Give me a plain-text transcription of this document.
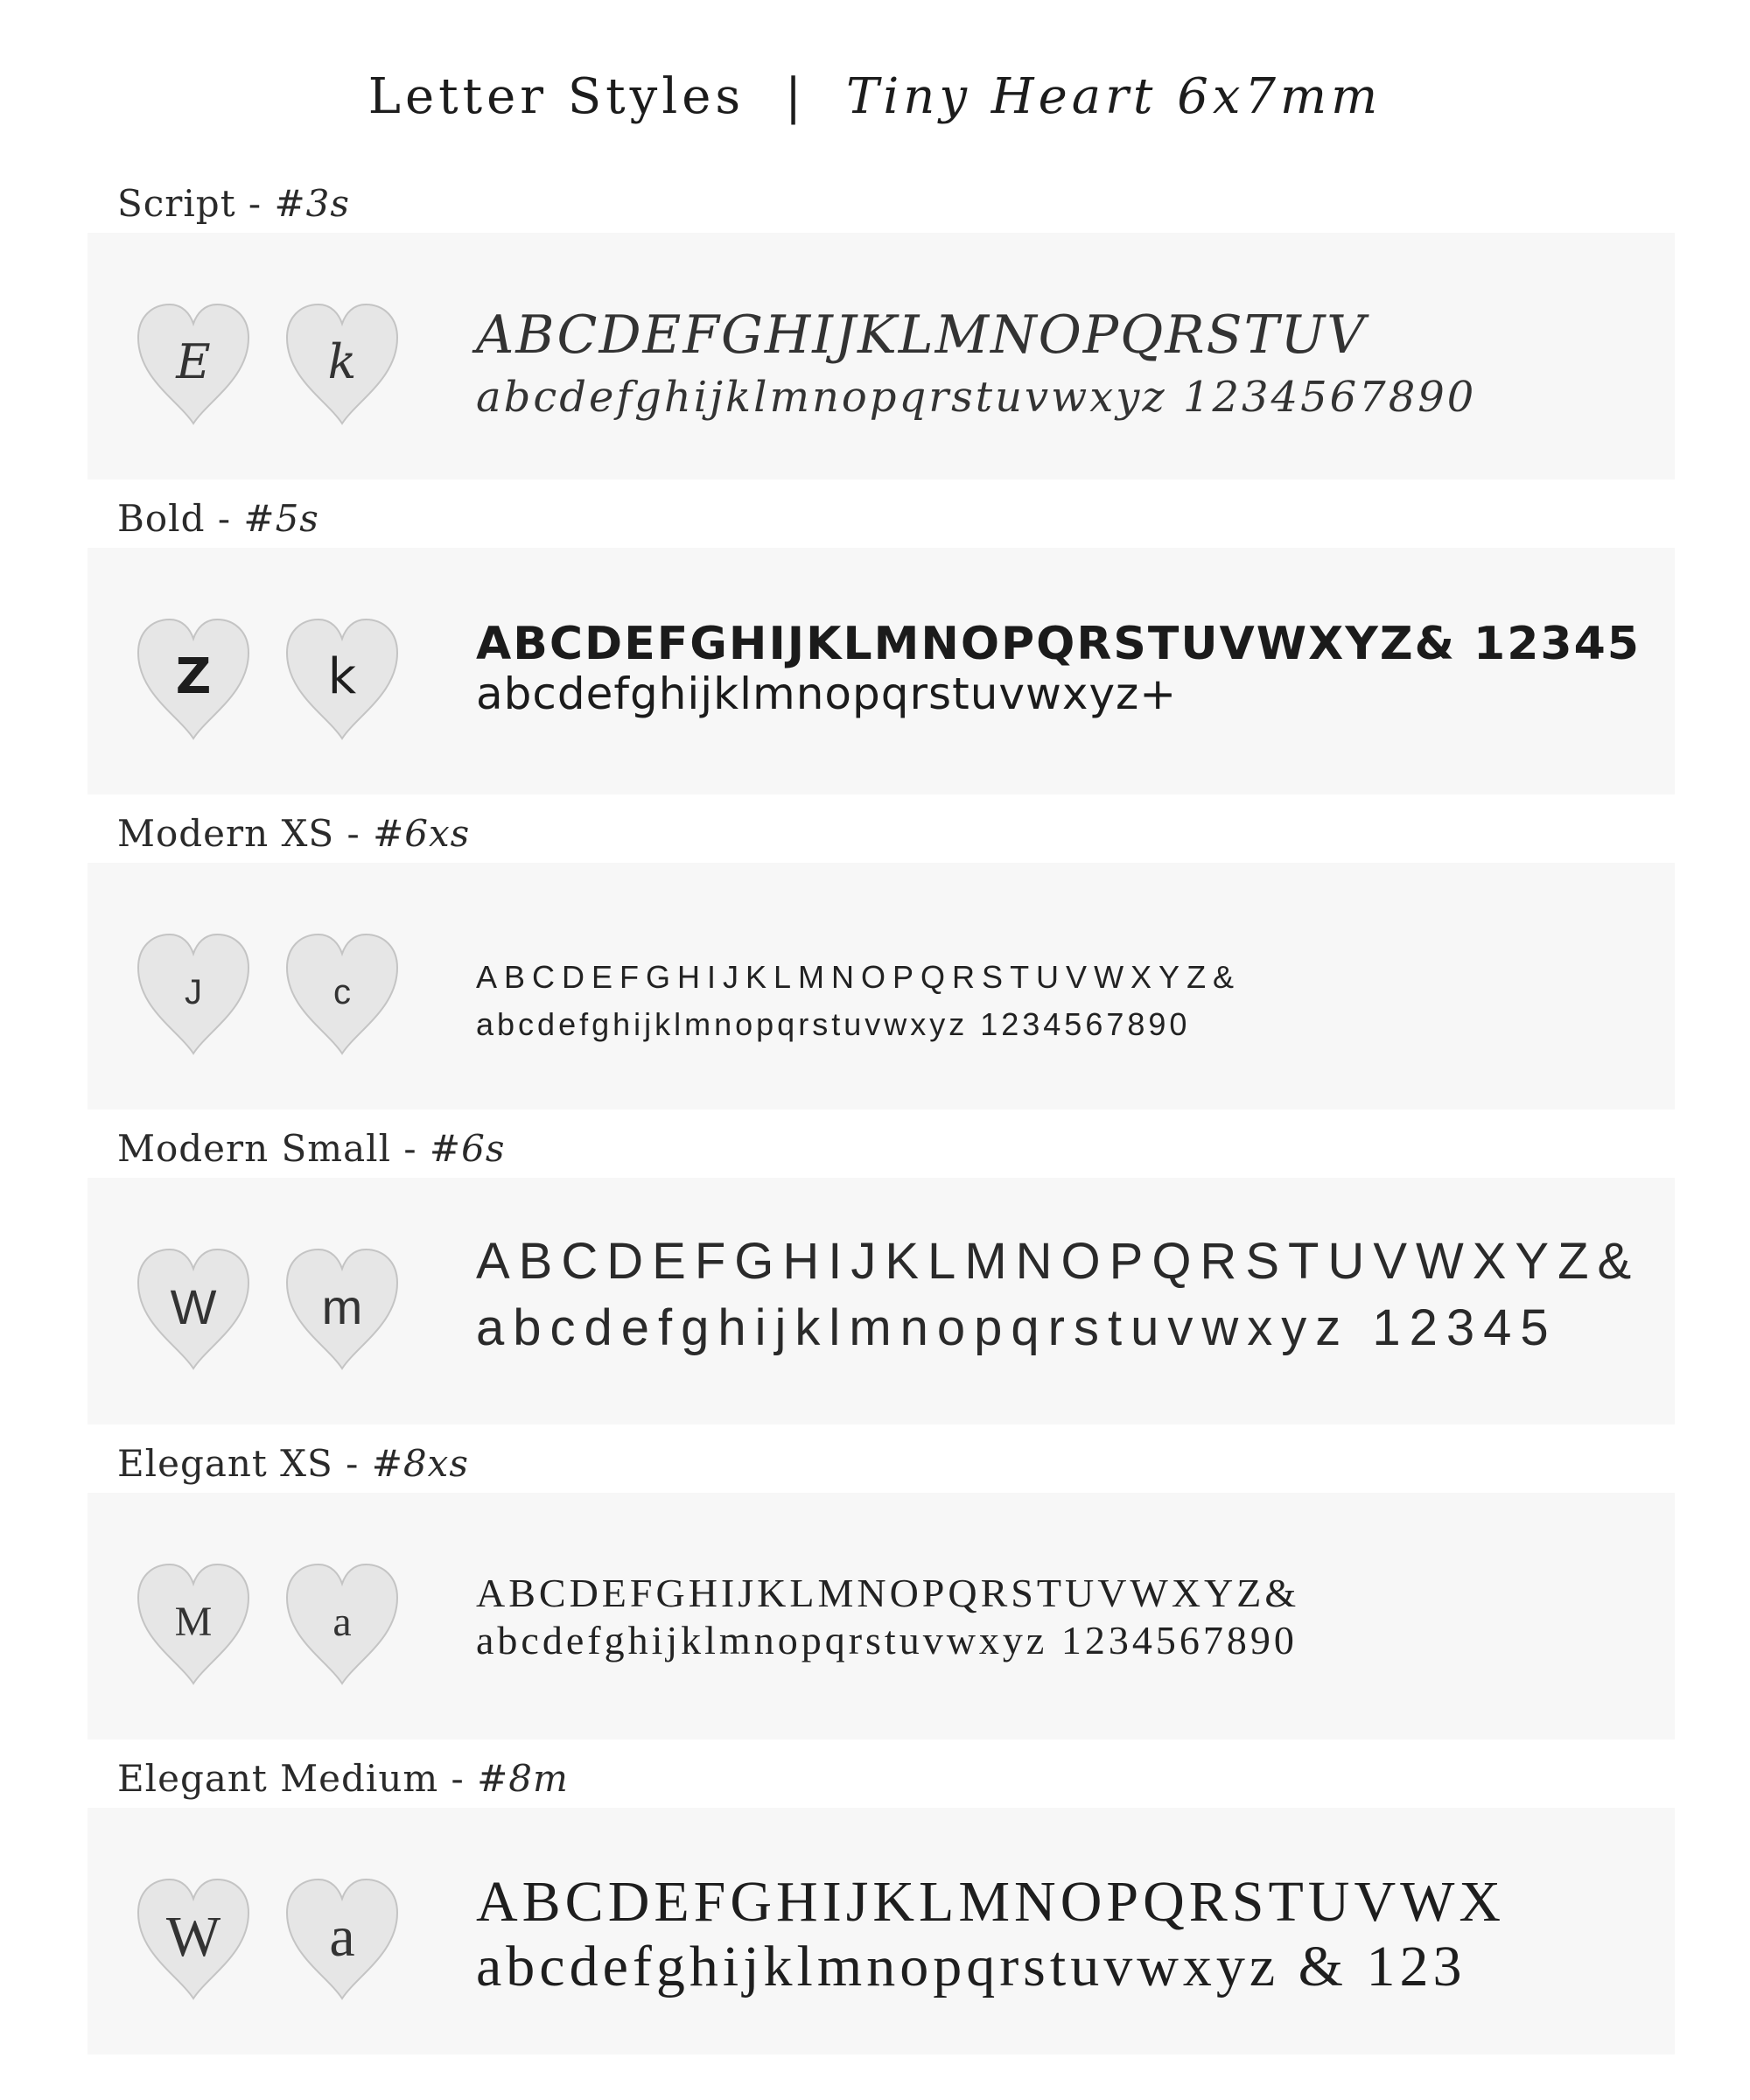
Letter Styles | Tiny Heart 6x7mm
Script - #3s
E	k	ABCDEFGHIJKLMNOPQRSTUV
abcdefghijklmnopqrstuvwxyz 1234567890
Bold - #5s
Z	k
ABCDEFGHIJKLMNOPQRSTUVWXYZ& 12345
abcdefghijklmnopqrstuvwxyz+
Modern XS - #6xs
J	c	ABCDEFGHIJKLMNOPQRSTUVWXYZ&
abcdefghijklmnopqrstuvwxyz 1234567890
Modern Small - #6s
W	m
ABCDEFGHIJKLMNOPQRSTUVWXYZ&
abcdefghijklmnopqrstuvwxyz 12345
Elegant XS - #8xs
M	a
ABCDEFGHIJKLMNOPQRSTUVWXYZ&
abcdefghijklmnopqrstuvwxyz 1234567890
Elegant Medium - #8m
W	a
ABCDEFGHIJKLMNOPQRSTUVWX
abcdefghijklmnopqrstuvwxyz & 123
